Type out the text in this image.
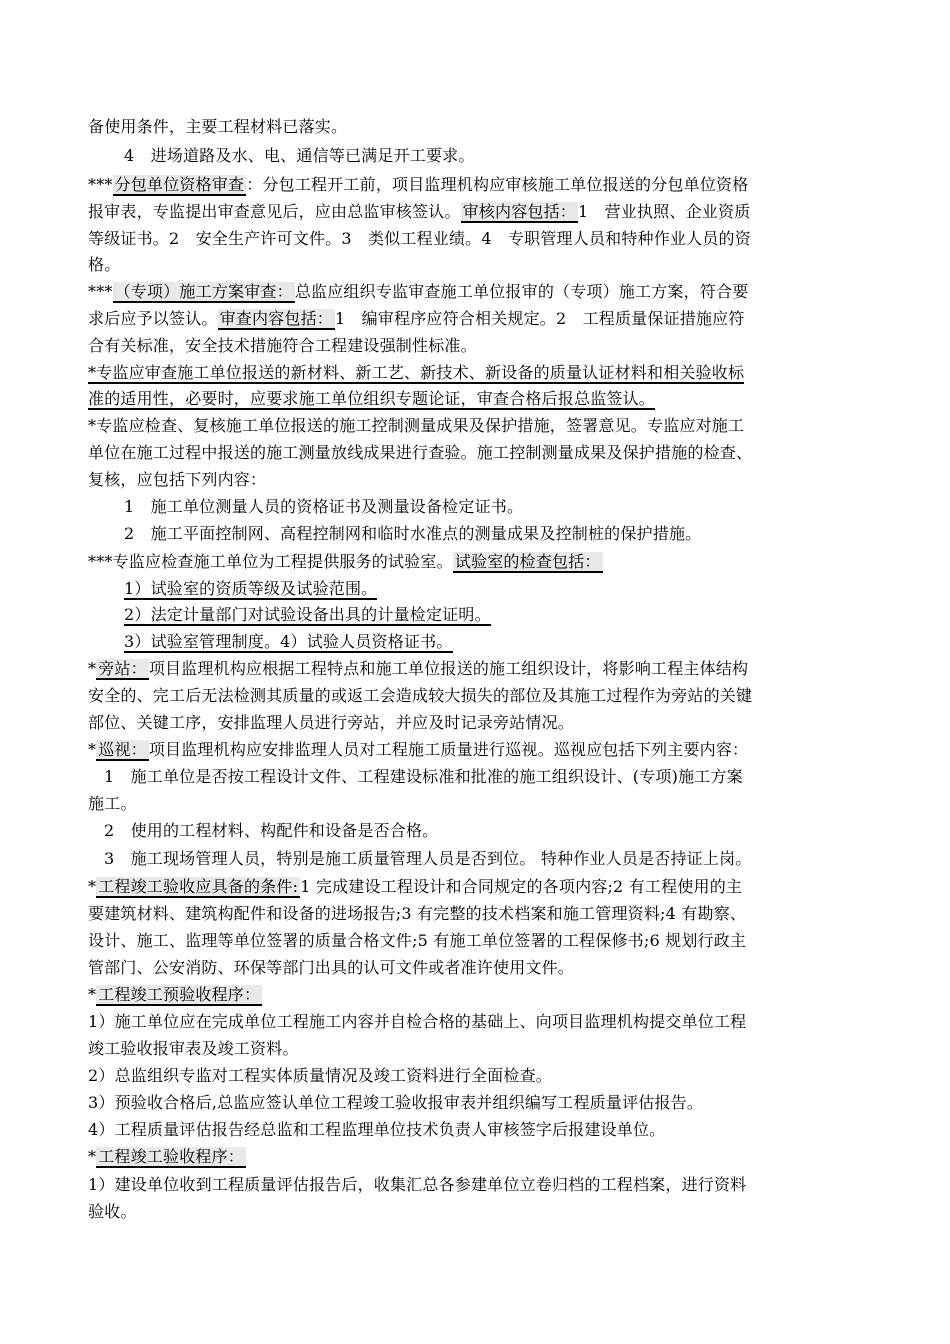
备使用条件，主要工程材料已落实。
4　进场道路及水、电、通信等已满足开工要求。
*** 分包单位资格审查 ：分包工程开工前，项目监理机构应审核施工单位报送的分包单位资格
报审表，专监提出审查意见后，应由总监审核签认。 审核内容包括： 1　营业执照、企业资质
等级证书。2　安全生产许可文件。3　类似工程业绩。4　专职管理人员和特种作业人员的资
格。
*** （专项）施工方案审查： 总监应组织专监审查施工单位报审的（专项）施工方案，符合要
求后应予以签认。 审查内容包括： 1　编审程序应符合相关规定。2　工程质量保证措施应符
合有关标准，安全技术措施符合工程建设强制性标准。
*专监应审查施工单位报送的新材料、新工艺、新技术、新设备的质量认证材料和相关验收标
准的适用性，必要时，应要求施工单位组织专题论证，审查合格后报总监签认。
*专监应检查、复核施工单位报送的施工控制测量成果及保护措施，签署意见。专监应对施工
单位在施工过程中报送的施工测量放线成果进行查验。施工控制测量成果及保护措施的检查、
复核，应包括下列内容：
1　施工单位测量人员的资格证书及测量设备检定证书。
2　施工平面控制网、高程控制网和临时水准点的测量成果及控制桩的保护措施。
***专监应检查施工单位为工程提供服务的试验室。 试验室的检查包括：
1）试验室的资质等级及试验范围。
2）法定计量部门对试验设备出具的计量检定证明。
3）试验室管理制度。4）试验人员资格证书。
* 旁站： 项目监理机构应根据工程特点和施工单位报送的施工组织设计，将影响工程主体结构
安全的、完工后无法检测其质量的或返工会造成较大损失的部位及其施工过程作为旁站的关键
部位、关键工序，安排监理人员进行旁站，并应及时记录旁站情况。
* 巡视： 项目监理机构应安排监理人员对工程施工质量进行巡视。巡视应包括下列主要内容：
1　施工单位是否按工程设计文件、工程建设标准和批准的施工组织设计、(专项)施工方案
施工。
2　使用的工程材料、构配件和设备是否合格。
3　施工现场管理人员，特别是施工质量管理人员是否到位。 特种作业人员是否持证上岗。
* 工程竣工验收应具备的条件: 1 完成建设工程设计和合同规定的各项内容;2 有工程使用的主
要建筑材料、建筑构配件和设备的进场报告;3 有完整的技术档案和施工管理资料;4 有勘察、
设计、施工、监理等单位签署的质量合格文件;5 有施工单位签署的工程保修书;6 规划行政主
管部门、公安消防、环保等部门出具的认可文件或者准许使用文件。
* 工程竣工预验收程序：
1）施工单位应在完成单位工程施工内容并自检合格的基础上、向项目监理机构提交单位工程
竣工验收报审表及竣工资料。
2）总监组织专监对工程实体质量情况及竣工资料进行全面检查。
3）预验收合格后,总监应签认单位工程竣工验收报审表并组织编写工程质量评估报告。
4）工程质量评估报告经总监和工程监理单位技术负责人审核签字后报建设单位。
* 工程竣工验收程序：
1）建设单位收到工程质量评估报告后，收集汇总各参建单位立卷归档的工程档案，进行资料
验收。
